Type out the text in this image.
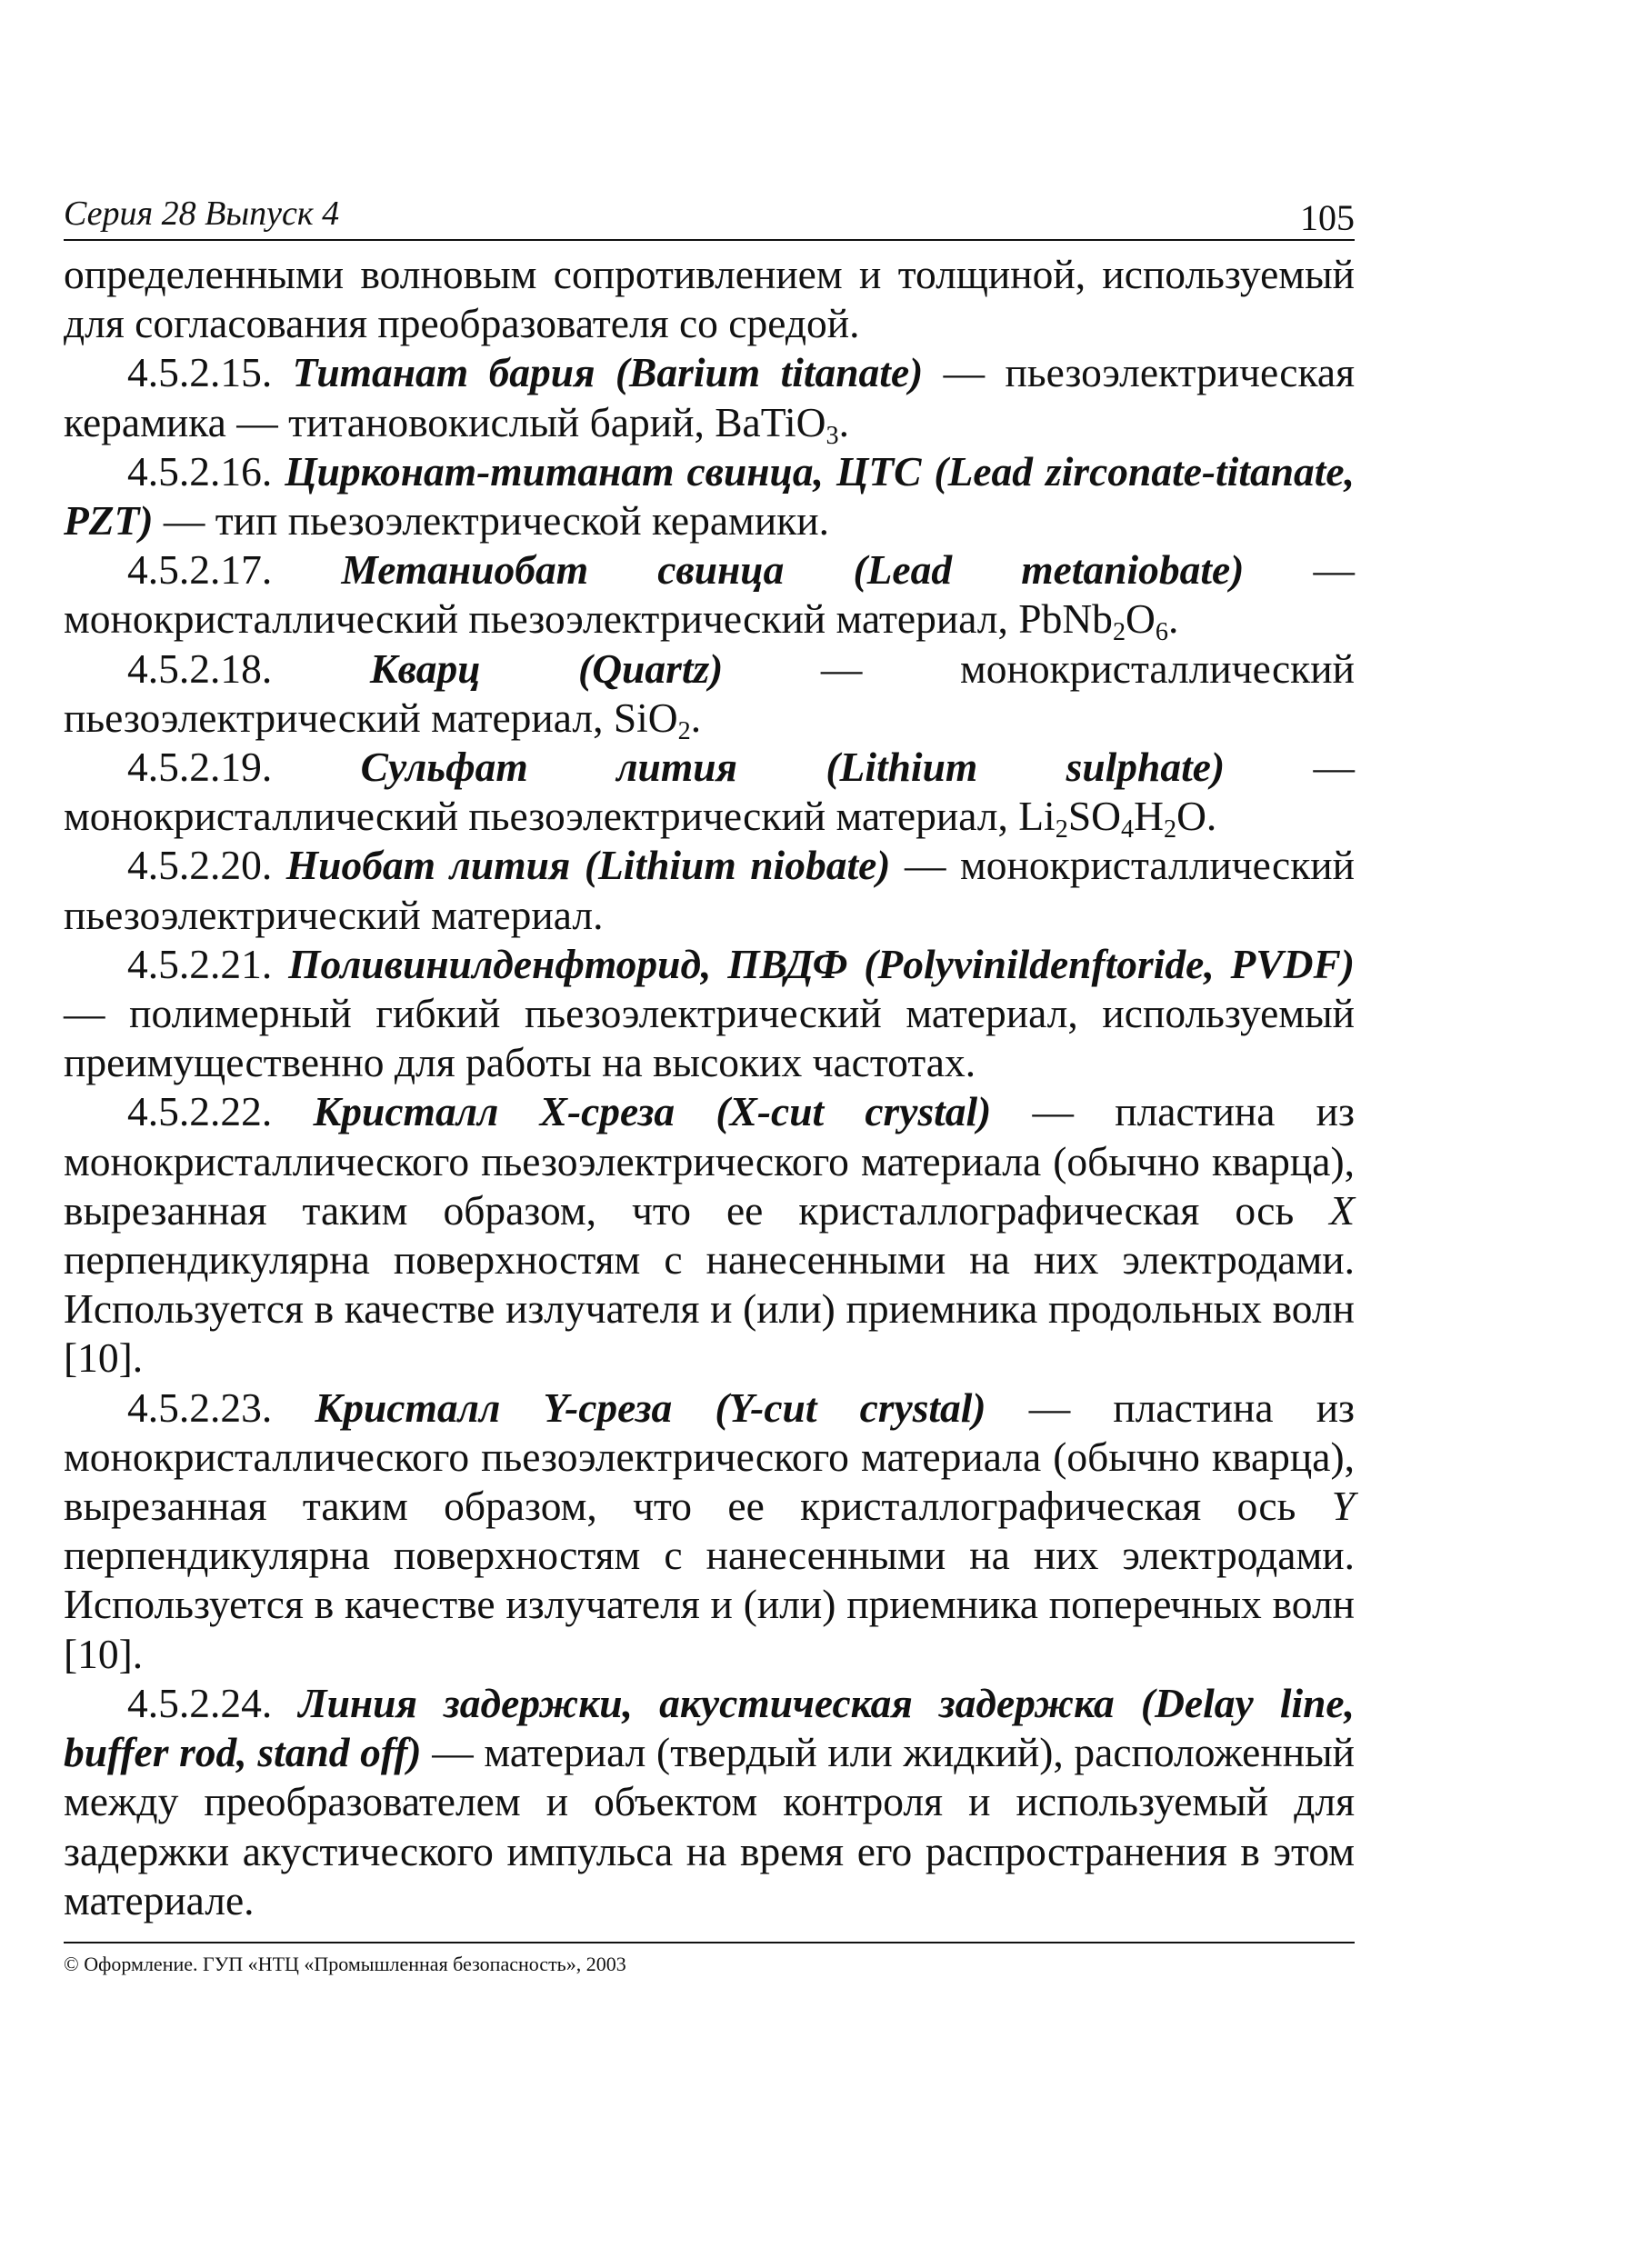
Серия 28 Выпуск 4	105

определенными волновым сопротивлением и толщиной, используемый для согласования преобразователя со средой.

4.5.2.15. Титанат бария (Barium titanate) — пьезоэлектрическая керамика — титановокислый барий, BaTiO$_3$.

4.5.2.16. Цирконат-титанат свинца, ЦТС (Lead zirconate-titanate, PZT) — тип пьезоэлектрической керамики.

4.5.2.17. Метаниобат свинца (Lead metaniobate) — монокристаллический пьезоэлектрический материал, $PbNb_2O_6$.

4.5.2.18. Кварц (Quartz) — монокристаллический пьезоэлектрический материал, SiO$_2$.

4.5.2.19. Сульфат лития (Lithium sulphate) — монокристаллический пьезоэлектрический материал, $Li_2SO_4H_2O$.

4.5.2.20. Ниобат лития (Lithium niobate) — монокристаллический пьезоэлектрический материал.

4.5.2.21. Поливинилденфторид, ПВДФ (Polyvinildenftoride, PVDF) — полимерный гибкий пьезоэлектрический материал, используемый преимущественно для работы на высоких частотах.

4.5.2.22. Кристалл X-среза (X-cut crystal) — пластина из монокристаллического пьезоэлектрического материала (обычно кварца), вырезанная таким образом, что ее кристаллографическая ось X перпендикулярна поверхностям с нанесенными на них электродами. Используется в качестве излучателя и (или) приемника продольных волн [10].

4.5.2.23. Кристалл Y-среза (Y-cut crystal) — пластина из монокристаллического пьезоэлектрического материала (обычно кварца), вырезанная таким образом, что ее кристаллографическая ось Y перпендикулярна поверхностям с нанесенными на них электродами. Используется в качестве излучателя и (или) приемника поперечных волн [10].

4.5.2.24. Линия задержки, акустическая задержка (Delay line, buffer rod, stand off) — материал (твердый или жидкий), расположенный между преобразователем и объектом контроля и используемый для задержки акустического импульса на время его распространения в этом материале.

© Оформление. ГУП «НТЦ «Промышленная безопасность», 2003
